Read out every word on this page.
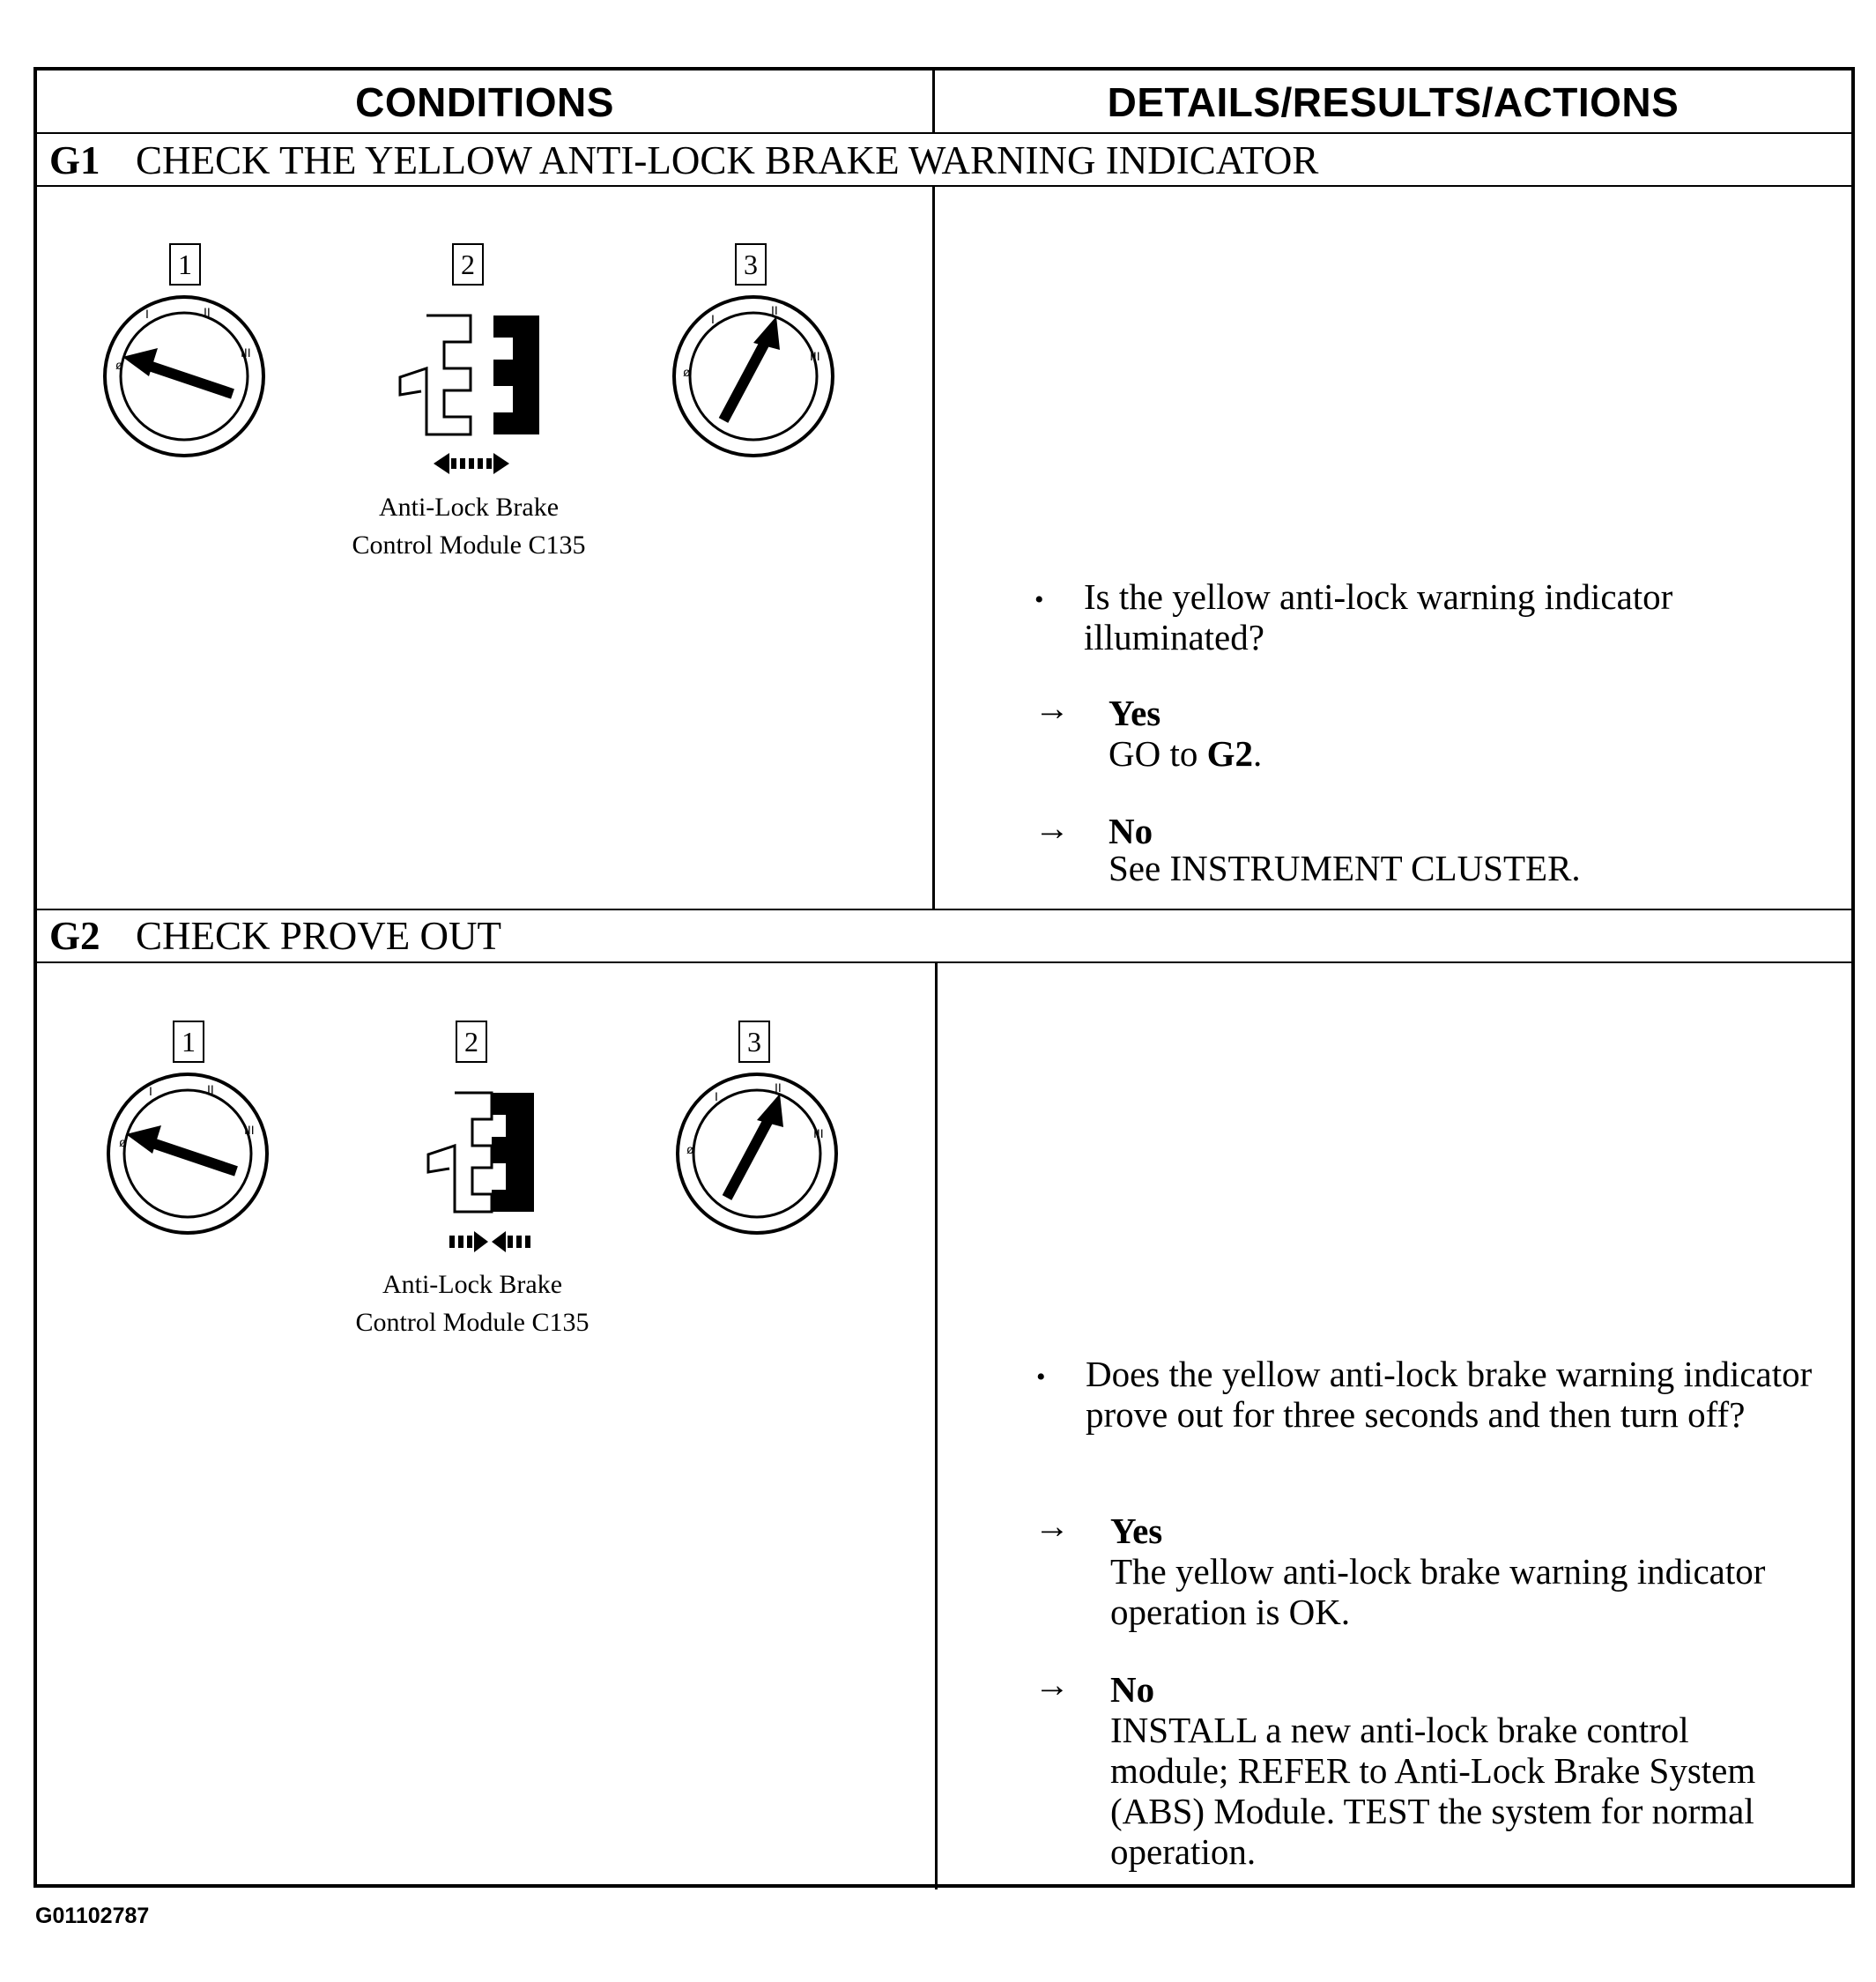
CONDITIONS	DETAILS/RESULTS/ACTIONS
G1 CHECK THE YELLOW ANTI-LOCK BRAKE WARNING INDICATOR
1	2	3
ø
I	II
III
ø
I
II
III
Anti-Lock Brake
Control Module C135
• Is the yellow anti-lock warning indicator illuminated?
→ Yes
GO to G2.
→ No
See INSTRUMENT CLUSTER.
G2 CHECK PROVE OUT
1	2	3
ø
I	II
III
ø
I
II
III
Anti-Lock Brake
Control Module C135
• Does the yellow anti-lock brake warning indicator prove out for three seconds and then turn off?
→ Yes
The yellow anti-lock brake warning indicator operation is OK.
→ No
INSTALL a new anti-lock brake control module; REFER to Anti-Lock Brake System (ABS) Module. TEST the system for normal operation.
G01102787
